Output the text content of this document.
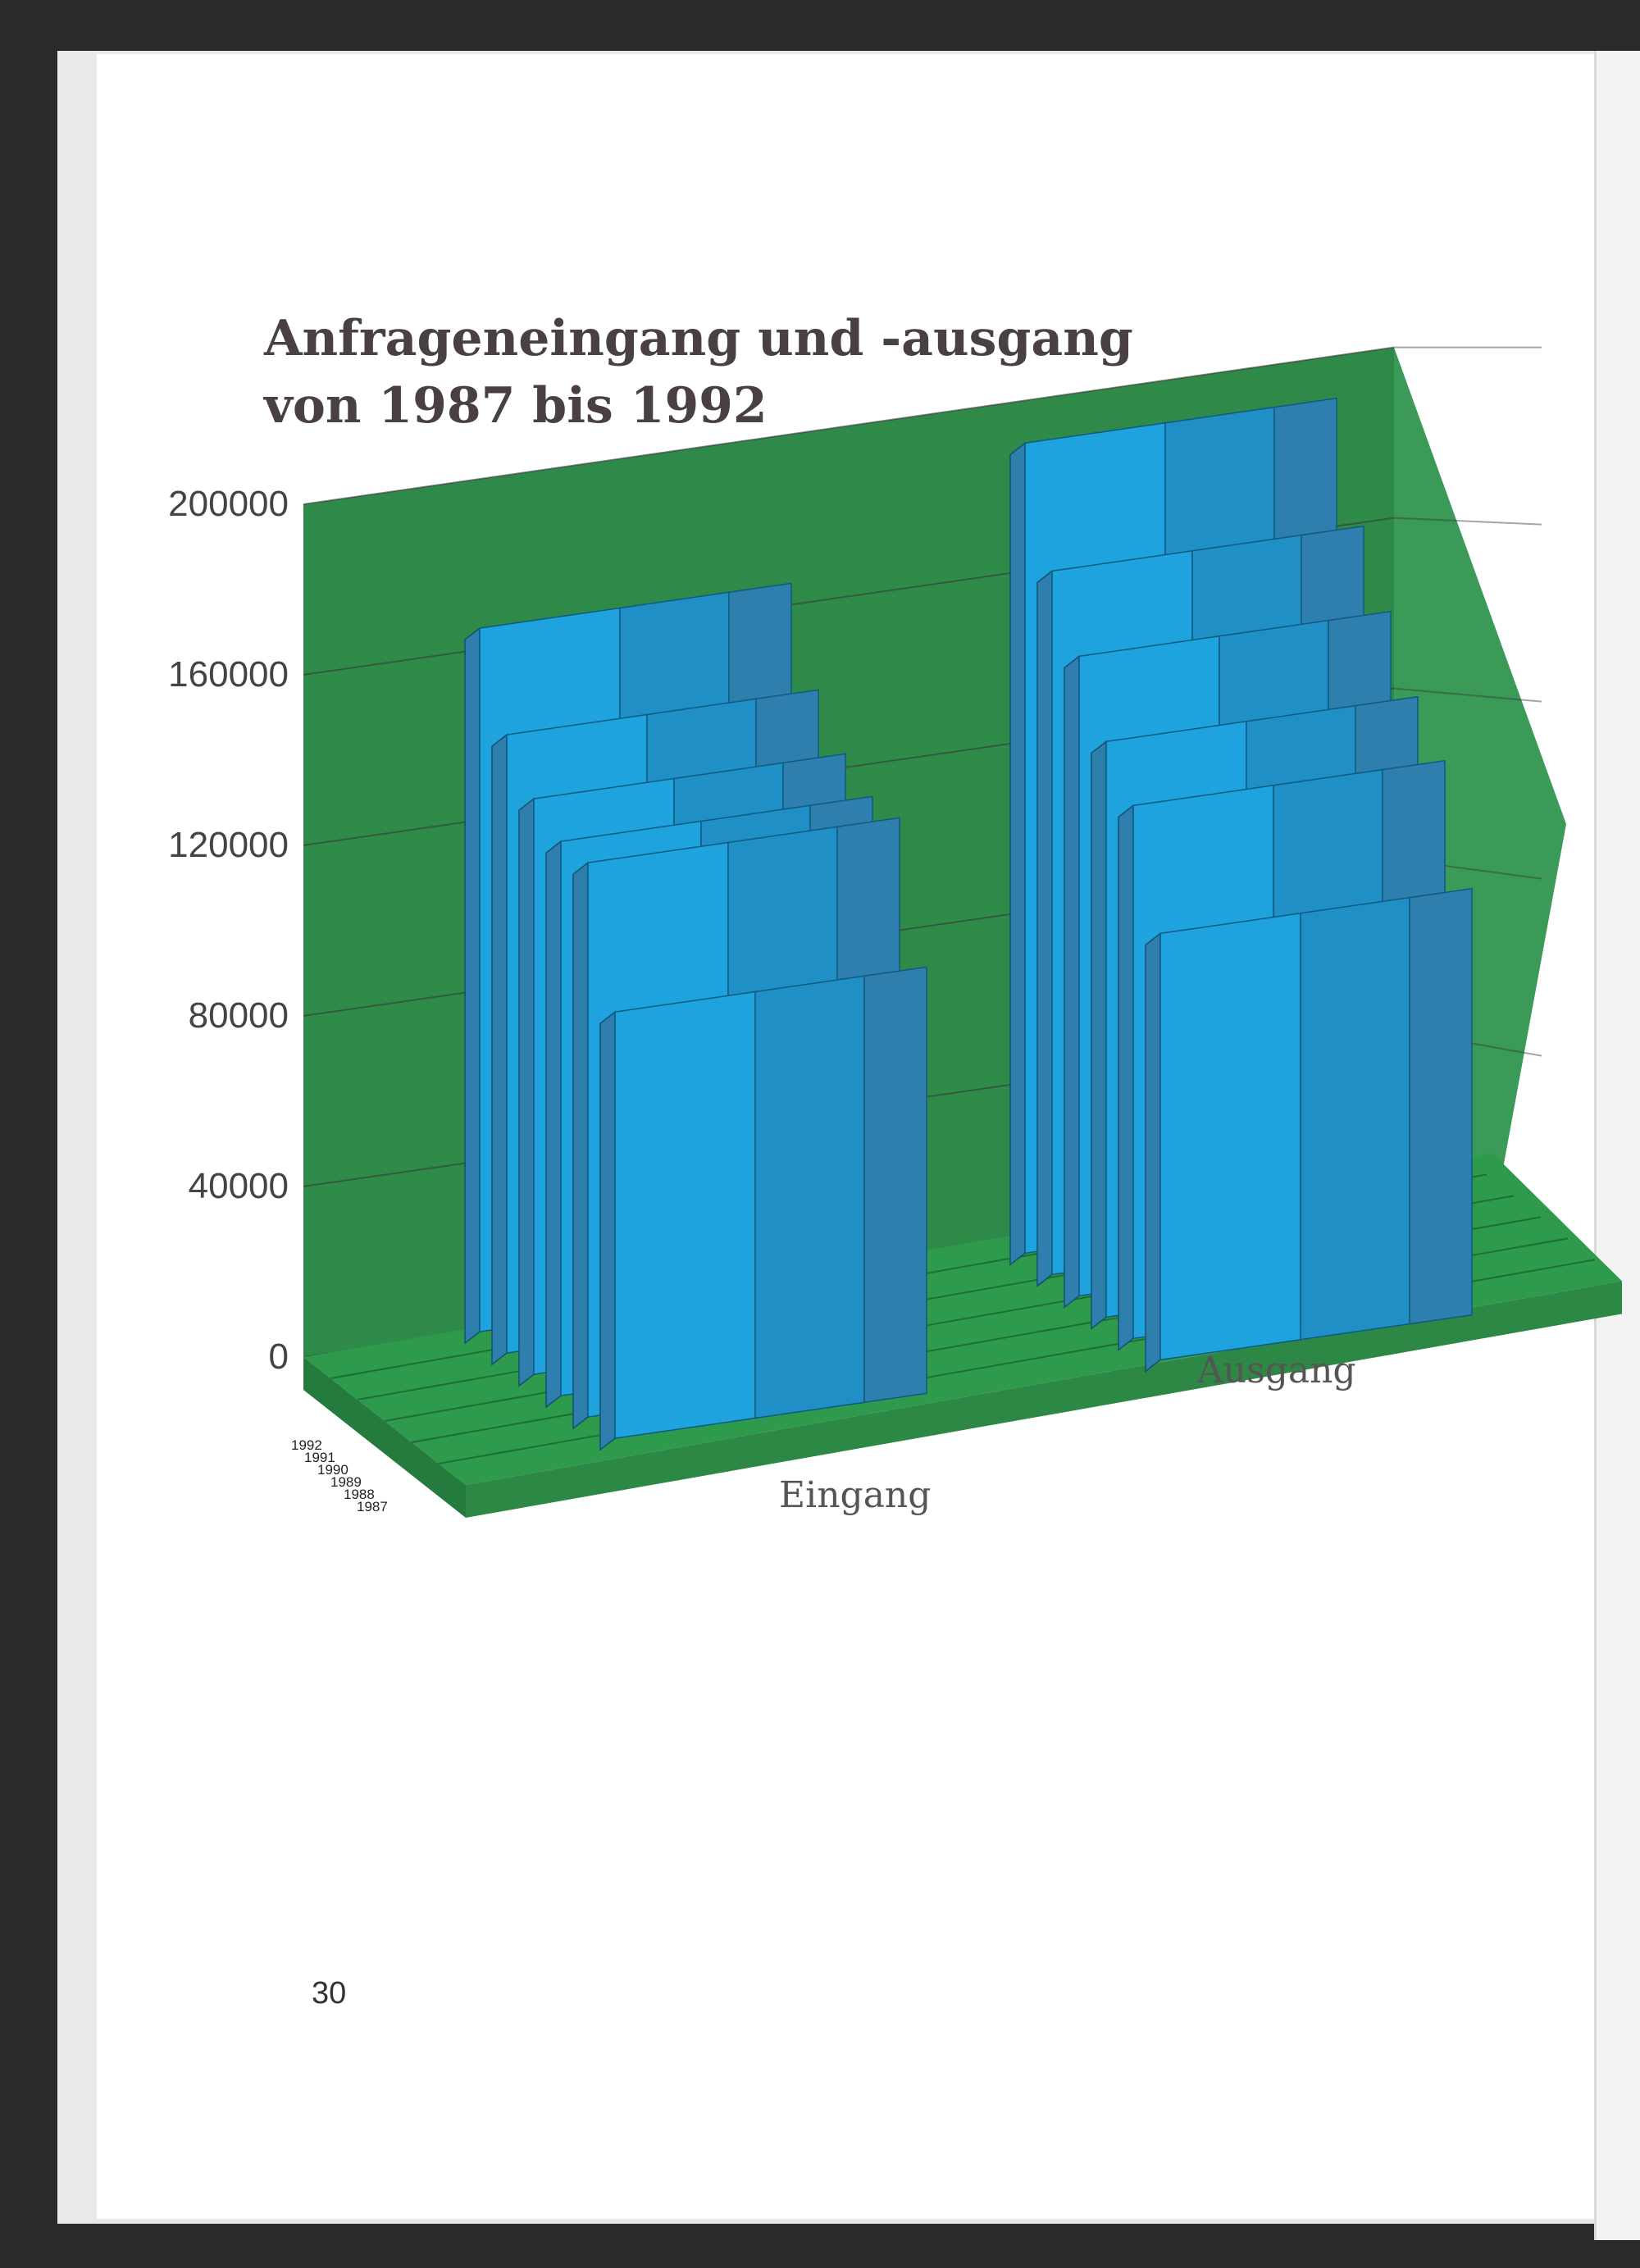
Anfrageneingang und -ausgang
von 1987 bis 1992
200000
160000
120000
80000
40000
0
1992
1991
1990
1989
1988
1987	Eingang
Ausgang
30
